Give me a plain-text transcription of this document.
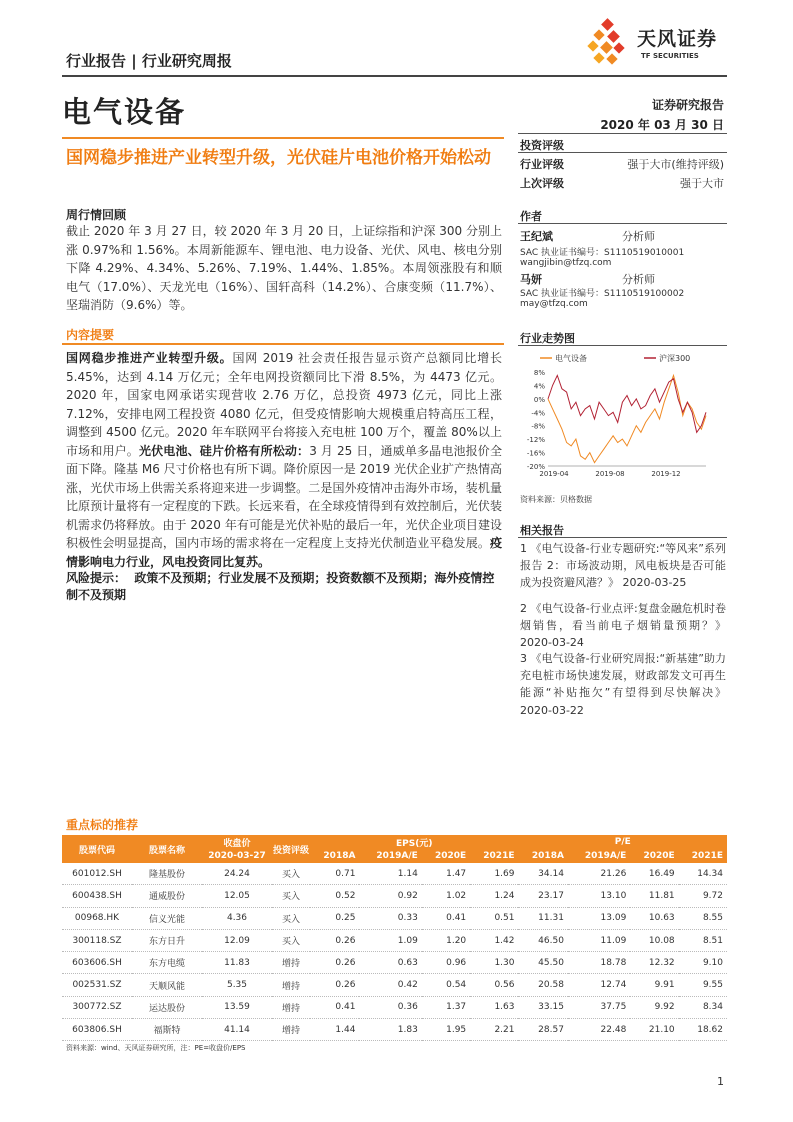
天风证券
TF SECURITIES
行业报告 | 行业研究周报
电气设备	证券研究报告
2020 年 03 月 30 日
国网稳步推进产业转型升级，光伏硅片电池价格开始松动
周行情回顾
截止 2020 年 3 月 27 日，较 2020 年 3 月 20 日，上证综指和沪深 300 分别上涨 0.97%和 1.56%。本周新能源车、锂电池、电力设备、光伏、风电、核电分别下降 4.29%、4.34%、5.26%、7.19%、1.44%、1.85%。本周领涨股有和顺电气（17.0%）、天龙光电（16%）、国轩高科（14.2%）、合康变频（11.7%）、坚瑞消防（9.6%）等。
内容提要
国网稳步推进产业转型升级。国网 2019 社会责任报告显示资产总额同比增长 5.45%，达到 4.14 万亿元；全年电网投资额同比下滑 8.5%，为 4473 亿元。2020 年，国家电网承诺实现营收 2.76 万亿，总投资 4973 亿元，同比上涨 7.12%，安排电网工程投资 4080 亿元，但受疫情影响大规模重启特高压工程，调整到 4500 亿元。2020 年车联网平台将接入充电桩 100 万个，覆盖 80%以上市场和用户。光伏电池、硅片价格有所松动：3 月 25 日，通威单多晶电池报价全面下降。隆基 M6 尺寸价格也有所下调。降价原因一是 2019 光伏企业扩产热情高涨，光伏市场上供需关系将迎来进一步调整。二是国外疫情冲击海外市场，装机量比原预计量将有一定程度的下跌。长远来看，在全球疫情得到有效控制后，光伏装机需求仍将释放。由于 2020 年有可能是光伏补贴的最后一年，光伏企业项目建设积极性会明显提高，国内市场的需求将在一定程度上支持光伏制造业平稳发展。疫情影响电力行业，风电投资同比复苏。
风险提示： 政策不及预期；行业发展不及预期；投资数额不及预期；海外疫情控制不及预期
投资评级
行业评级	强于大市(维持评级)
上次评级	强于大市
作者
王纪斌	分析师
SAC 执业证书编号：S1110519010001
wangjibin@tfzq.com
马妍	分析师
SAC 执业证书编号：S1110519100002
may@tfzq.com
行业走势图
电气设备	沪深300
8%
4%
0%
-4%
-8%
-12%
-16%
-20%
2019-04	2019-08	2019-12
资料来源：贝格数据
相关报告
1 《电气设备-行业专题研究:“等风来”系列报告 2：市场波动期，风电板块是否可能成为投资避风港？》 2020-03-25
2 《电气设备-行业点评:复盘金融危机时卷烟销售，看当前电子烟销量预期？》 2020-03-24
3 《电气设备-行业研究周报:“新基建”助力充电桩市场快速发展，财政部发文可再生能源“补贴拖欠”有望得到尽快解决》 2020-03-22
重点标的推荐
股票代码	股票名称	收盘价	投资评级	EPS(元)				P/E			
		2020-03-27		2018A	2019A/E	2020E	2021E	2018A	2019A/E	2020E	2021E
601012.SH	隆基股份	24.24	买入	0.71	1.14	1.47	1.69	34.14	21.26	16.49	14.34
600438.SH	通威股份	12.05	买入	0.52	0.92	1.02	1.24	23.17	13.10	11.81	9.72
00968.HK	信义光能	4.36	买入	0.25	0.33	0.41	0.51	11.31	13.09	10.63	8.55
300118.SZ	东方日升	12.09	买入	0.26	1.09	1.20	1.42	46.50	11.09	10.08	8.51
603606.SH	东方电缆	11.83	增持	0.26	0.63	0.96	1.30	45.50	18.78	12.32	9.10
002531.SZ	天顺风能	5.35	增持	0.26	0.42	0.54	0.56	20.58	12.74	9.91	9.55
300772.SZ	运达股份	13.59	增持	0.41	0.36	1.37	1.63	33.15	37.75	9.92	8.34
603806.SH	福斯特	41.14	增持	1.44	1.83	1.95	2.21	28.57	22.48	21.10	18.62
资料来源：wind、天风证券研究所，注：PE=收盘价/EPS
1
